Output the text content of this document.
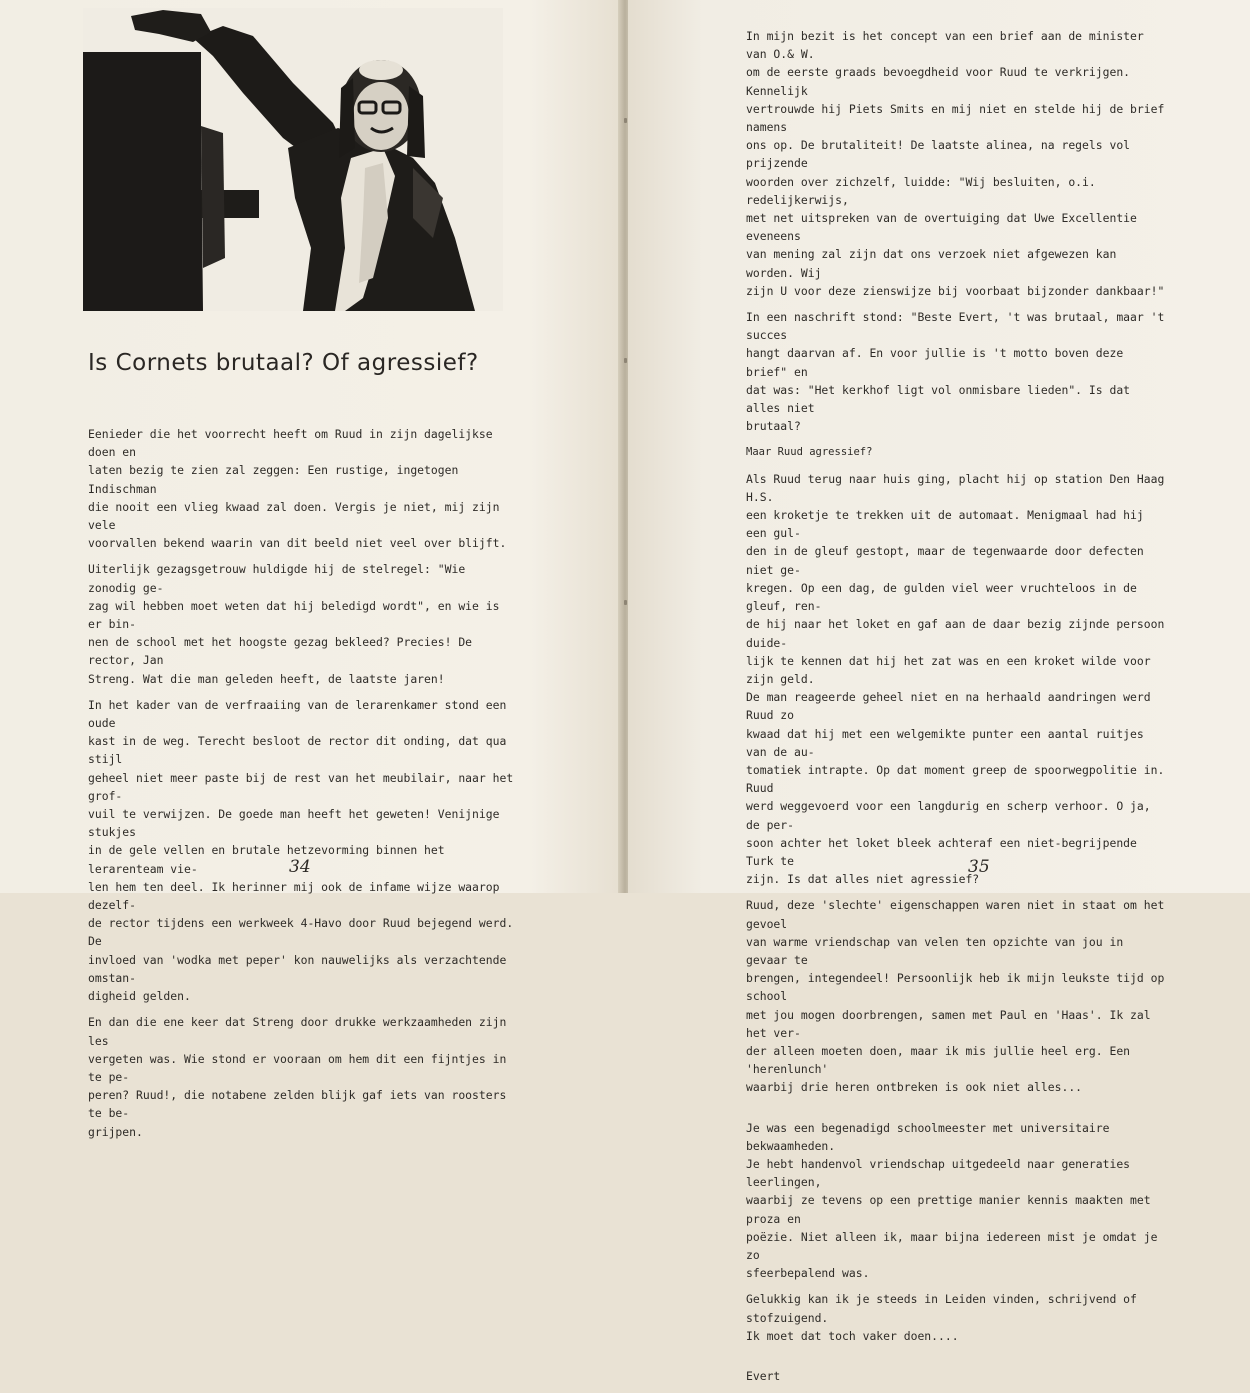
Is Cornets brutaal? Of agressief?

Eenieder die het voorrecht heeft om Ruud in zijn dagelijkse doen en
laten bezig te zien zal zeggen: Een rustige, ingetogen Indischman
die nooit een vlieg kwaad zal doen. Vergis je niet, mij zijn vele
voorvallen bekend waarin van dit beeld niet veel over blijft.

Uiterlijk gezagsgetrouw huldigde hij de stelregel: "Wie zonodig ge-
zag wil hebben moet weten dat hij beledigd wordt", en wie is er bin-
nen de school met het hoogste gezag bekleed? Precies! De rector, Jan
Streng. Wat die man geleden heeft, de laatste jaren!

In het kader van de verfraaiing van de lerarenkamer stond een oude
kast in de weg. Terecht besloot de rector dit onding, dat qua stijl
geheel niet meer paste bij de rest van het meubilair, naar het grof-
vuil te verwijzen. De goede man heeft het geweten! Venijnige stukjes
in de gele vellen en brutale hetzevorming binnen het lerarenteam vie-
len hem ten deel. Ik herinner mij ook de infame wijze waarop dezelf-
de rector tijdens een werkweek 4-Havo door Ruud bejegend werd. De
invloed van 'wodka met peper' kon nauwelijks als verzachtende omstan-
digheid gelden.

En dan die ene keer dat Streng door drukke werkzaamheden zijn les
vergeten was. Wie stond er vooraan om hem dit een fijntjes in te pe-
peren? Ruud!, die notabene zelden blijk gaf iets van roosters te be-
grijpen.

34

In mijn bezit is het concept van een brief aan de minister van O.& W.
om de eerste graads bevoegdheid voor Ruud te verkrijgen. Kennelijk
vertrouwde hij Piets Smits en mij niet en stelde hij de brief namens
ons op. De brutaliteit! De laatste alinea, na regels vol prijzende
woorden over zichzelf, luidde: "Wij besluiten, o.i. redelijkerwijs,
met net uitspreken van de overtuiging dat Uwe Excellentie eveneens
van mening zal zijn dat ons verzoek niet afgewezen kan worden. Wij
zijn U voor deze zienswijze bij voorbaat bijzonder dankbaar!"

In een naschrift stond: "Beste Evert, 't was brutaal, maar 't succes
hangt daarvan af. En voor jullie is 't motto boven deze brief" en
dat was: "Het kerkhof ligt vol onmisbare lieden". Is dat alles niet
brutaal?

Maar Ruud agressief?

Als Ruud terug naar huis ging, placht hij op station Den Haag H.S.
een kroketje te trekken uit de automaat. Menigmaal had hij een gul-
den in de gleuf gestopt, maar de tegenwaarde door defecten niet ge-
kregen. Op een dag, de gulden viel weer vruchteloos in de gleuf, ren-
de hij naar het loket en gaf aan de daar bezig zijnde persoon duide-
lijk te kennen dat hij het zat was en een kroket wilde voor zijn geld.
De man reageerde geheel niet en na herhaald aandringen werd Ruud zo
kwaad dat hij met een welgemikte punter een aantal ruitjes van de au-
tomatiek intrapte. Op dat moment greep de spoorwegpolitie in. Ruud
werd weggevoerd voor een langdurig en scherp verhoor. O ja, de per-
soon achter het loket bleek achteraf een niet-begrijpende Turk te
zijn. Is dat alles niet agressief?

Ruud, deze 'slechte' eigenschappen waren niet in staat om het gevoel
van warme vriendschap van velen ten opzichte van jou in gevaar te
brengen, integendeel! Persoonlijk heb ik mijn leukste tijd op school
met jou mogen doorbrengen, samen met Paul en 'Haas'. Ik zal het ver-
der alleen moeten doen, maar ik mis jullie heel erg. Een 'herenlunch'
waarbij drie heren ontbreken is ook niet alles...

Je was een begenadigd schoolmeester met universitaire bekwaamheden.
Je hebt handenvol vriendschap uitgedeeld naar generaties leerlingen,
waarbij ze tevens op een prettige manier kennis maakten met proza en
poëzie. Niet alleen ik, maar bijna iedereen mist je omdat je zo
sfeerbepalend was.

Gelukkig kan ik je steeds in Leiden vinden, schrijvend of stofzuigend.
Ik moet dat toch vaker doen....

Evert

35
